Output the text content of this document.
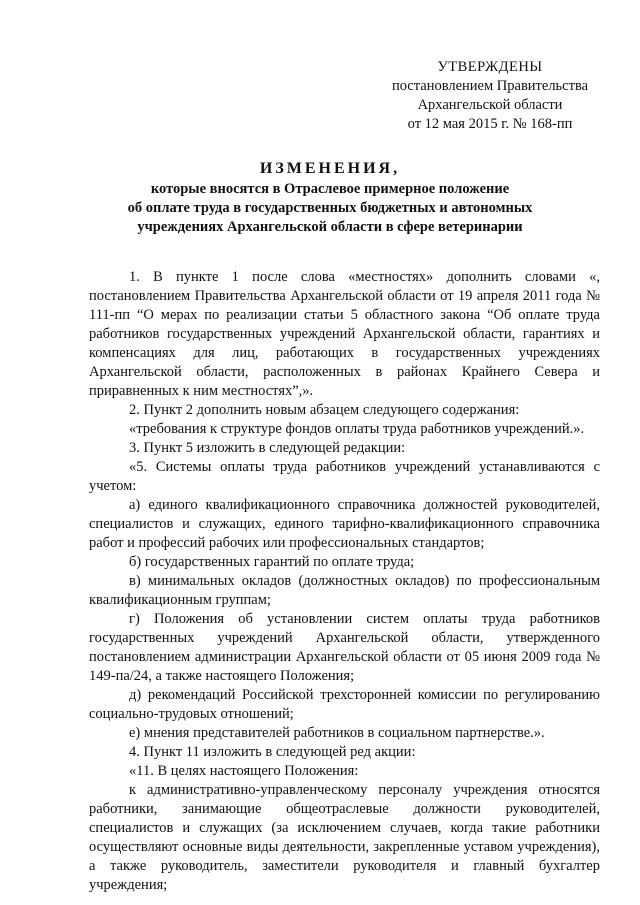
УТВЕРЖДЕНЫ
постановлением Правительства
Архангельской области
от 12 мая 2015 г. № 168-пп
ИЗМЕНЕНИЯ,
которые вносятся в Отраслевое примерное положение
об оплате труда в государственных бюджетных и автономных
учреждениях Архангельской области в сфере ветеринарии

1. В пункте 1 после слова «местностях» дополнить словами «, постановлением Правительства Архангельской области от 19 апреля 2011 года № 111-пп “О мерах по реализации статьи 5 областного закона “Об оплате труда работников государственных учреждений Архангельской области, гарантиях и компенсациях для лиц, работающих в государственных учреждениях Архангельской области, расположенных в районах Крайнего Севера и приравненных к ним местностях”,».

2. Пункт 2 дополнить новым абзацем следующего содержания:

«требования к структуре фондов оплаты труда работников учреждений.».

3. Пункт 5 изложить в следующей редакции:

«5. Системы оплаты труда работников учреждений устанавливаются с учетом:

а) единого квалификационного справочника должностей руководителей, специалистов и служащих, единого тарифно-квалификационного справочника работ и профессий рабочих или профессиональных стандартов;

б) государственных гарантий по оплате труда;

в) минимальных окладов (должностных окладов) по профессиональным квалификационным группам;

г) Положения об установлении систем оплаты труда работников государственных учреждений Архангельской области, утвержденного постановлением администрации Архангельской области от 05 июня 2009 года № 149-па/24, а также настоящего Положения;

д) рекомендаций Российской трехсторонней комиссии по регулированию социально-трудовых отношений;

е) мнения представителей работников в социальном партнерстве.».

4. Пункт 11 изложить в следующей ред акции:

«11. В целях настоящего Положения:

к административно-управленческому персоналу учреждения относятся работники, занимающие общеотраслевые должности руководителей, специалистов и служащих (за исключением случаев, когда такие работники осуществляют основные виды деятельности, закрепленные уставом учреждения), а также руководитель, заместители руководителя и главный бухгалтер учреждения;
